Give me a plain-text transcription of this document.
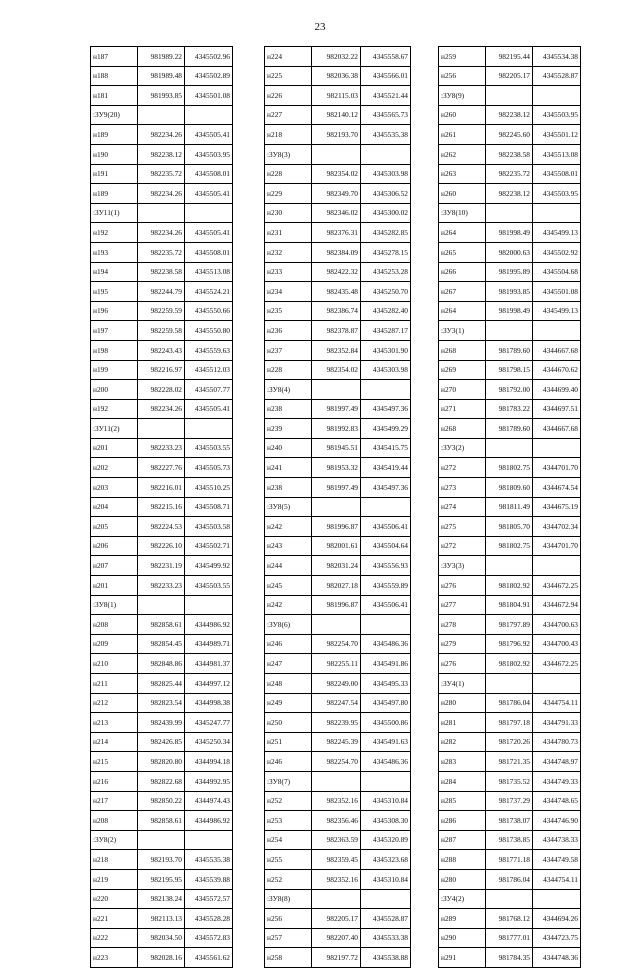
23
н187	981989.22	4345502.96
н188	981989.48	4345502.89
н181	981993.85	4345501.08
:ЗУ9(20)		
н189	982234.26	4345505.41
н190	982238.12	4345503.95
н191	982235.72	4345508.01
н189	982234.26	4345505.41
:ЗУ11(1)		
н192	982234.26	4345505.41
н193	982235.72	4345508.01
н194	982238.58	4345513.08
н195	982244.79	4345524.21
н196	982259.59	4345550.66
н197	982259.58	4345550.80
н198	982243.43	4345559.63
н199	982216.97	4345512.03
н200	982228.02	4345507.77
н192	982234.26	4345505.41
:ЗУ11(2)		
н201	982233.23	4345503.55
н202	982227.76	4345505.73
н203	982216.01	4345510.25
н204	982215.16	4345508.71
н205	982224.53	4345503.58
н206	982226.10	4345502.71
н207	982231.19	4345499.92
н201	982233.23	4345503.55
:ЗУ8(1)		
н208	982858.61	4344986.92
н209	982854.45	4344989.71
н210	982848.86	4344981.37
н211	982825.44	4344997.12
н212	982823.54	4344998.38
н213	982439.99	4345247.77
н214	982426.85	4345250.34
н215	982820.80	4344994.18
н216	982822.68	4344992.95
н217	982850.22	4344974.43
н208	982858.61	4344986.92
:ЗУ8(2)		
н218	982193.70	4345535.38
н219	982195.95	4345539.88
н220	982138.24	4345572.57
н221	982113.13	4345528.28
н222	982034.50	4345572.83
н223	982028.16	4345561.62
н224	982032.22	4345558.67
н225	982036.38	4345566.01
н226	982115.03	4345521.44
н227	982140.12	4345565.73
н218	982193.70	4345535.38
:ЗУ8(3)		
н228	982354.02	4345303.98
н229	982349.70	4345306.52
н230	982346.02	4345300.02
н231	982376.31	4345282.85
н232	982384.09	4345278.15
н233	982422.32	4345253.28
н234	982435.48	4345250.70
н235	982386.74	4345282.40
н236	982378.87	4345287.17
н237	982352.84	4345301.90
н228	982354.02	4345303.98
:ЗУ8(4)		
н238	981997.49	4345497.36
н239	981992.83	4345499.29
н240	981945.51	4345415.75
н241	981953.32	4345419.44
н238	981997.49	4345497.36
:ЗУ8(5)		
н242	981996.87	4345506.41
н243	982001.61	4345504.64
н244	982031.24	4345556.93
н245	982027.18	4345559.89
н242	981996.87	4345506.41
:ЗУ8(6)		
н246	982254.70	4345486.36
н247	982255.11	4345491.86
н248	982249.00	4345495.33
н249	982247.54	4345497.80
н250	982239.95	4345500.86
н251	982245.39	4345491.63
н246	982254.70	4345486.36
:ЗУ8(7)		
н252	982352.16	4345310.84
н253	982356.46	4345308.30
н254	982363.59	4345320.89
н255	982359.45	4345323.68
н252	982352.16	4345310.84
:ЗУ8(8)		
н256	982205.17	4345528.87
н257	982207.40	4345533.38
н258	982197.72	4345538.88
н259	982195.44	4345534.38
н256	982205.17	4345528.87
:ЗУ8(9)		
н260	982238.12	4345503.95
н261	982245.60	4345501.12
н262	982238.58	4345513.08
н263	982235.72	4345508.01
н260	982238.12	4345503.95
:ЗУ8(10)		
н264	981998.49	4345499.13
н265	982000.63	4345502.92
н266	981995.89	4345504.68
н267	981993.85	4345501.08
н264	981998.49	4345499.13
:ЗУ3(1)		
н268	981789.60	4344667.68
н269	981798.15	4344670.62
н270	981792.00	4344699.40
н271	981783.22	4344697.51
н268	981789.60	4344667.68
:ЗУ3(2)		
н272	981802.75	4344701.70
н273	981809.60	4344674.54
н274	981811.49	4344675.19
н275	981805.70	4344702.34
н272	981802.75	4344701.70
:ЗУ3(3)		
н276	981802.92	4344672.25
н277	981804.91	4344672.94
н278	981797.89	4344700.63
н279	981796.92	4344700.43
н276	981802.92	4344672.25
:ЗУ4(1)		
н280	981786.04	4344754.11
н281	981797.18	4344791.33
н282	981720.26	4344780.73
н283	981721.35	4344748.97
н284	981735.52	4344749.33
н285	981737.29	4344748.65
н286	981738.07	4344746.90
н287	981738.85	4344738.33
н288	981771.18	4344749.58
н280	981786.04	4344754.11
:ЗУ4(2)		
н289	981768.12	4344694.26
н290	981777.01	4344723.75
н291	981784.35	4344748.36
